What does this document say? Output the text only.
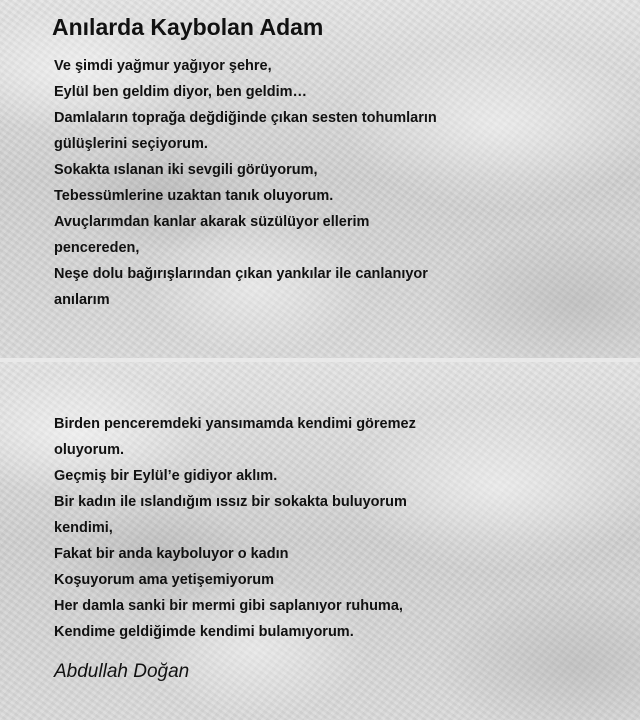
Anılarda Kaybolan Adam
Ve şimdi yağmur yağıyor şehre,
Eylül ben geldim diyor, ben geldim…
Damlaların toprağa değdiğinde çıkan sesten tohumların
gülüşlerini seçiyorum.
Sokakta ıslanan iki sevgili görüyorum,
Tebessümlerine uzaktan tanık oluyorum.
Avuçlarımdan kanlar akarak süzülüyor ellerim
pencereden,
Neşe dolu bağırışlarından çıkan yankılar ile canlanıyor
anılarım
Birden penceremdeki yansımamda kendimi göremez
oluyorum.
Geçmiş bir Eylül’e gidiyor aklım.
Bir kadın ile ıslandığım ıssız bir sokakta buluyorum
kendimi,
Fakat bir anda kayboluyor o kadın
Koşuyorum ama yetişemiyorum
Her damla sanki bir mermi gibi saplanıyor ruhuma,
Kendime geldiğimde kendimi bulamıyorum.

Abdullah Doğan
